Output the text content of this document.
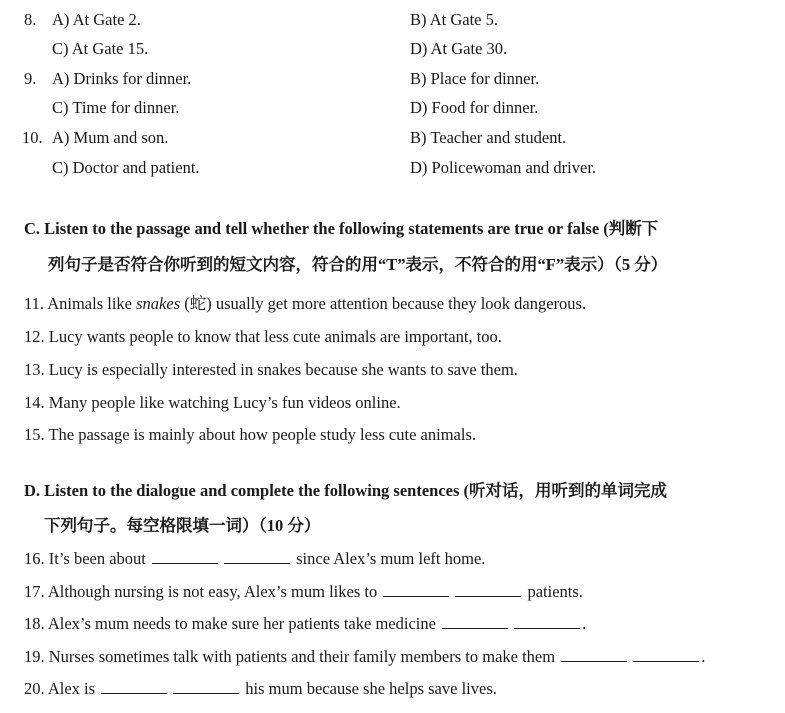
8. A) At Gate 2.	B) At Gate 5.
C) At Gate 15.	D) At Gate 30.
9. A) Drinks for dinner.	B) Place for dinner.
C) Time for dinner.	D) Food for dinner.
10. A) Mum and son.	B) Teacher and student.
C) Doctor and patient.	D) Policewoman and driver.
C. Listen to the passage and tell whether the following statements are true or false (判断下
列句子是否符合你听到的短文内容，符合的用“T”表示，不符合的用“F”表示）（5 分）
11. Animals like snakes (蛇) usually get more attention because they look dangerous.
12. Lucy wants people to know that less cute animals are important, too.
13. Lucy is especially interested in snakes because she wants to save them.
14. Many people like watching Lucy’s fun videos online.
15. The passage is mainly about how people study less cute animals.
D. Listen to the dialogue and complete the following sentences (听对话，用听到的单词完成
下列句子。每空格限填一词）（10 分）
16. It’s been about	since Alex’s mum left home.
17. Although nursing is not easy, Alex’s mum likes to	patients.
18. Alex’s mum needs to make sure her patients take medicine	.
19. Nurses sometimes talk with patients and their family members to make them	.
20. Alex is	his mum because she helps save lives.
